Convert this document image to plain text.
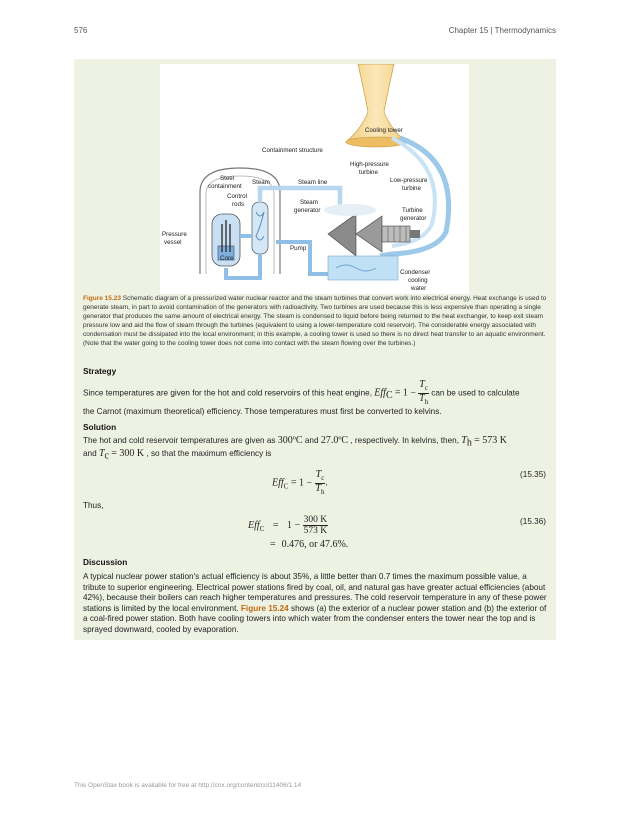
576	Chapter 15 | Thermodynamics
Cooling tower
Containment structure
High-pressure
turbine
Low-pressure
turbine
Steel
containment
Steam	Steam line
Control
rods	Steam
generator	Turbine
generator
Pressure
vessel
Pump
Core
Condenser
cooling
water
Figure 15.23 Schematic diagram of a pressurized water nuclear reactor and the steam turbines that convert work into electrical energy. Heat exchange is used to generate steam, in part to avoid contamination of the generators with radioactivity. Two turbines are used because this is less expensive than operating a single generator that produces the same amount of electrical energy. The steam is condensed to liquid before being returned to the heat exchanger, to keep exit steam pressure low and aid the flow of steam through the turbines (equivalent to using a lower-temperature cold reservoir). The considerable energy associated with condensation must be dissipated into the local environment; in this example, a cooling tower is used so there is no direct heat transfer to an aquatic environment. (Note that the water going to the cooling tower does not come into contact with the steam flowing over the turbines.)
Strategy
Since temperatures are given for the hot and cold reservoirs of this heat engine, $Eff_C = 1 - \frac{T_c}{T_h}$ can be used to calculate
the Carnot (maximum theoretical) efficiency. Those temperatures must first be converted to kelvins.
Solution
The hot and cold reservoir temperatures are given as 300ºC and 27.0ºC , respectively. In kelvins, then, $T_h = 573$ K
and $T_c = 300$ K , so that the maximum efficiency is
$Eff_C = 1 - \frac{T_c}{T_h}$ .
(15.35)
Thus,
$Eff_C = 1 - \frac{300 K}{573 K}$
= 0.476, or 47.6%.
(15.36)
Discussion
A typical nuclear power station's actual efficiency is about 35%, a little better than 0.7 times the maximum possible value, a tribute to superior engineering. Electrical power stations fired by coal, oil, and natural gas have greater actual efficiencies (about 42%), because their boilers can reach higher temperatures and pressures. The cold reservoir temperature in any of these power stations is limited by the local environment. Figure 15.24 shows (a) the exterior of a nuclear power station and (b) the exterior of a coal-fired power station. Both have cooling towers into which water from the condenser enters the tower near the top and is sprayed downward, cooled by evaporation.
This OpenStax book is available for free at http://cnx.org/content/col11406/1.14
